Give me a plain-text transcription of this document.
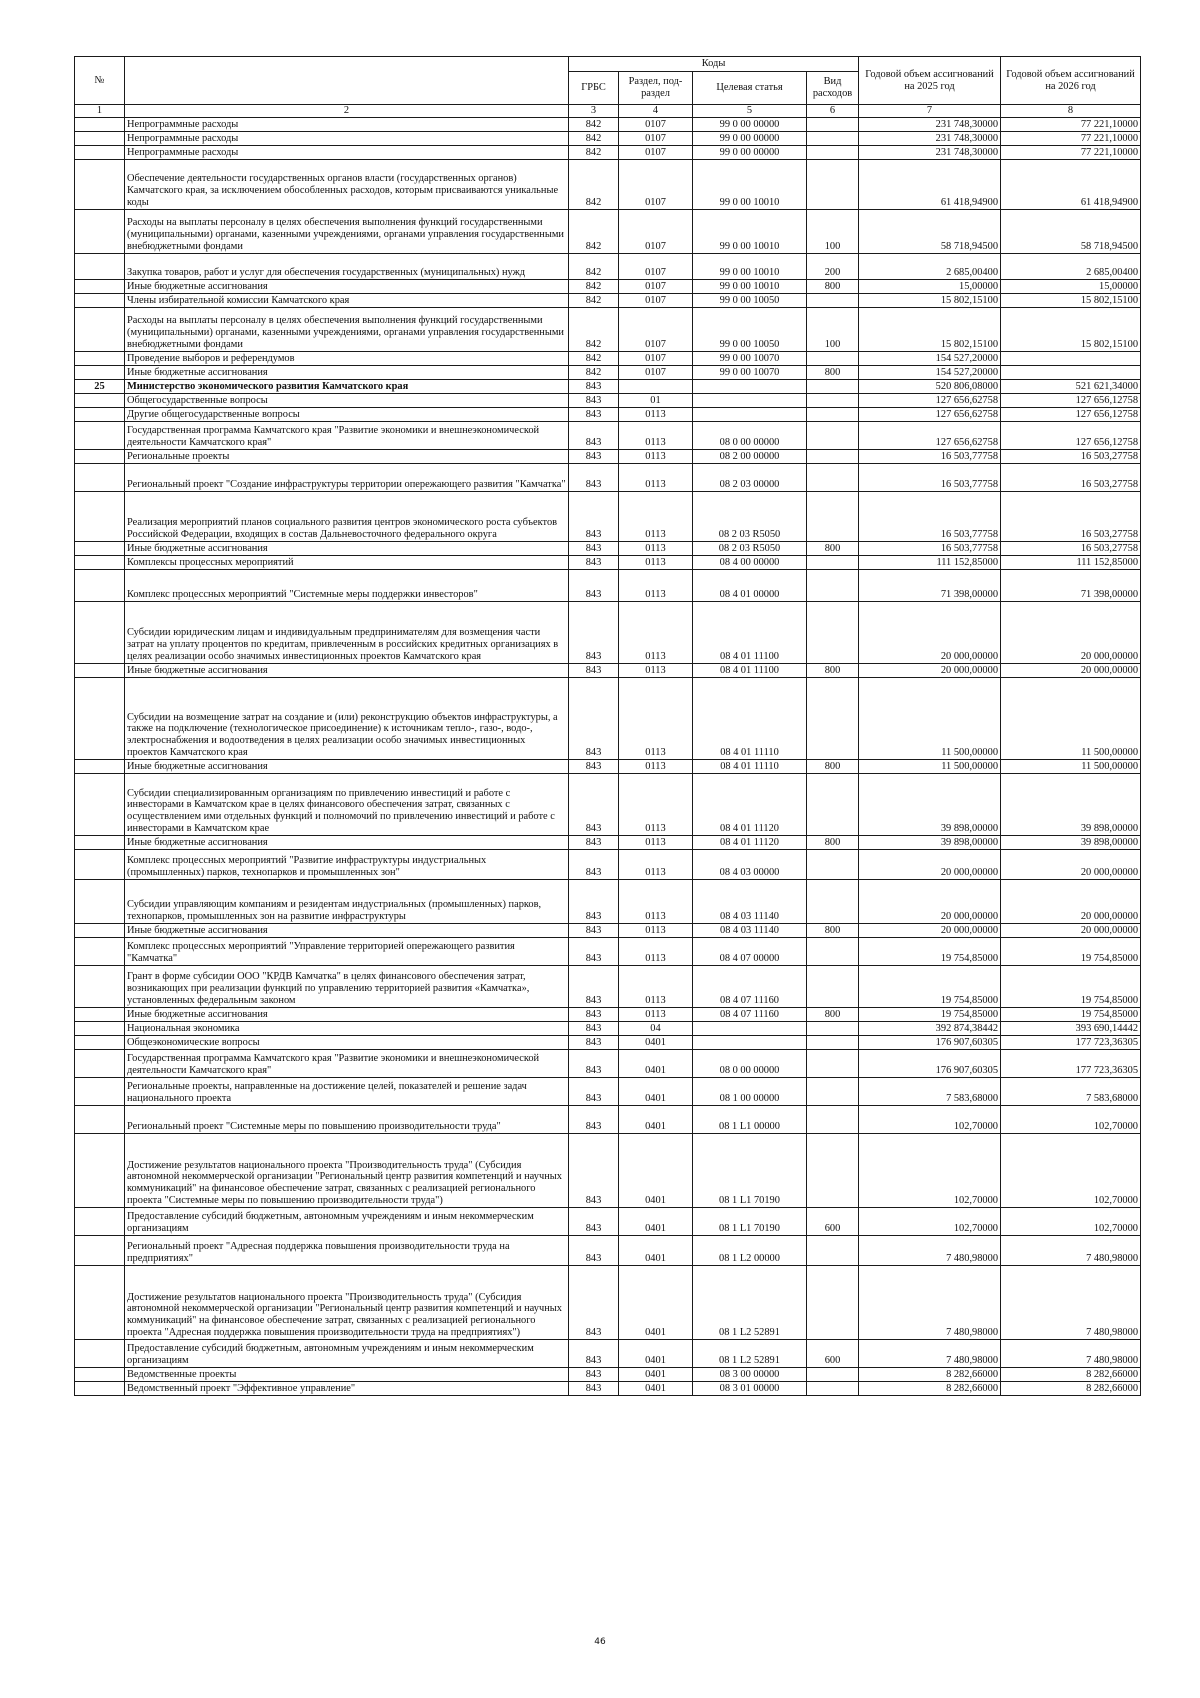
№		Коды				Годовой объем ассигнований на 2025 год	Годовой объем ассигнований на 2026 год
		ГРБС	Раздел, под-раздел	Целевая статья	Вид расходов		
1	2	3	4	5	6	7	8
	Непрограммные расходы	842	0107	99 0 00 00000		231 748,30000	77 221,10000
	Непрограммные расходы	842	0107	99 0 00 00000		231 748,30000	77 221,10000
	Непрограммные расходы	842	0107	99 0 00 00000		231 748,30000	77 221,10000
	Обеспечение деятельности государственных органов власти (государственных органов) Камчатского края, за исключением обособленных расходов, которым присваиваются уникальные коды	842	0107	99 0 00 10010		61 418,94900	61 418,94900
	Расходы на выплаты персоналу в целях обеспечения выполнения функций государственными (муниципальными) органами, казенными учреждениями, органами управления государственными внебюджетными фондами	842	0107	99 0 00 10010	100	58 718,94500	58 718,94500
	Закупка товаров, работ и услуг для обеспечения государственных (муниципальных) нужд	842	0107	99 0 00 10010	200	2 685,00400	2 685,00400
	Иные бюджетные ассигнования	842	0107	99 0 00 10010	800	15,00000	15,00000
	Члены избирательной комиссии Камчатского края	842	0107	99 0 00 10050		15 802,15100	15 802,15100
	Расходы на выплаты персоналу в целях обеспечения выполнения функций государственными (муниципальными) органами, казенными учреждениями, органами управления государственными внебюджетными фондами	842	0107	99 0 00 10050	100	15 802,15100	15 802,15100
	Проведение выборов и референдумов	842	0107	99 0 00 10070		154 527,20000	
	Иные бюджетные ассигнования	842	0107	99 0 00 10070	800	154 527,20000	
25	Министерство экономического развития Камчатского края	843				520 806,08000	521 621,34000
	Общегосударственные вопросы	843	01			127 656,62758	127 656,12758
	Другие общегосударственные вопросы	843	0113			127 656,62758	127 656,12758
	Государственная программа Камчатского края "Развитие экономики и внешнеэкономической деятельности Камчатского края"	843	0113	08 0 00 00000		127 656,62758	127 656,12758
	Региональные проекты	843	0113	08 2 00 00000		16 503,77758	16 503,27758
	Региональный проект "Создание инфраструктуры территории опережающего развития "Камчатка"	843	0113	08 2 03 00000		16 503,77758	16 503,27758
	Реализация мероприятий планов социального развития центров экономического роста субъектов Российской Федерации, входящих в состав Дальневосточного федерального округа	843	0113	08 2 03 R5050		16 503,77758	16 503,27758
	Иные бюджетные ассигнования	843	0113	08 2 03 R5050	800	16 503,77758	16 503,27758
	Комплексы процессных мероприятий	843	0113	08 4 00 00000		111 152,85000	111 152,85000
	Комплекс процессных мероприятий "Системные меры поддержки инвесторов"	843	0113	08 4 01 00000		71 398,00000	71 398,00000
	Субсидии юридическим лицам и индивидуальным предпринимателям для возмещения части затрат на уплату процентов по кредитам, привлеченным в российских кредитных организациях в целях реализации особо значимых инвестиционных проектов Камчатского края	843	0113	08 4 01 11100		20 000,00000	20 000,00000
	Иные бюджетные ассигнования	843	0113	08 4 01 11100	800	20 000,00000	20 000,00000
	Субсидии на возмещение затрат на создание и (или) реконструкцию объектов инфраструктуры, а также на подключение (технологическое присоединение) к источникам тепло-, газо-, водо-, электроснабжения и водоотведения в целях реализации особо значимых инвестиционных проектов Камчатского края	843	0113	08 4 01 11110		11 500,00000	11 500,00000
	Иные бюджетные ассигнования	843	0113	08 4 01 11110	800	11 500,00000	11 500,00000
	Субсидии специализированным организациям по привлечению инвестиций и работе с инвесторами в Камчатском крае в целях финансового обеспечения затрат, связанных с осуществлением ими отдельных функций и полномочий по привлечению инвестиций и работе с инвесторами в Камчатском крае	843	0113	08 4 01 11120		39 898,00000	39 898,00000
	Иные бюджетные ассигнования	843	0113	08 4 01 11120	800	39 898,00000	39 898,00000
	Комплекс процессных мероприятий "Развитие инфраструктуры индустриальных (промышленных) парков, технопарков и промышленных зон"	843	0113	08 4 03 00000		20 000,00000	20 000,00000
	Субсидии управляющим компаниям и резидентам индустриальных (промышленных) парков, технопарков, промышленных зон на развитие инфраструктуры	843	0113	08 4 03 11140		20 000,00000	20 000,00000
	Иные бюджетные ассигнования	843	0113	08 4 03 11140	800	20 000,00000	20 000,00000
	Комплекс процессных мероприятий "Управление территорией опережающего развития "Камчатка"	843	0113	08 4 07 00000		19 754,85000	19 754,85000
	Грант в форме субсидии ООО "КРДВ Камчатка" в целях финансового обеспечения затрат, возникающих при реализации функций по управлению территорией развития «Камчатка», установленных федеральным законом	843	0113	08 4 07 11160		19 754,85000	19 754,85000
	Иные бюджетные ассигнования	843	0113	08 4 07 11160	800	19 754,85000	19 754,85000
	Национальная экономика	843	04			392 874,38442	393 690,14442
	Общеэкономические вопросы	843	0401			176 907,60305	177 723,36305
	Государственная программа Камчатского края "Развитие экономики и внешнеэкономической деятельности Камчатского края"	843	0401	08 0 00 00000		176 907,60305	177 723,36305
	Региональные проекты, направленные на достижение целей, показателей и решение задач национального проекта	843	0401	08 1 00 00000		7 583,68000	7 583,68000
	Региональный проект "Системные меры по повышению производительности труда"	843	0401	08 1 L1 00000		102,70000	102,70000
	Достижение результатов национального проекта "Производительность труда" (Субсидия автономной некоммерческой организации "Региональный центр развития компетенций и научных коммуникаций" на финансовое обеспечение затрат, связанных с реализацией регионального проекта "Системные меры по повышению производительности труда")	843	0401	08 1 L1 70190		102,70000	102,70000
	Предоставление субсидий бюджетным, автономным учреждениям и иным некоммерческим организациям	843	0401	08 1 L1 70190	600	102,70000	102,70000
	Региональный проект "Адресная поддержка повышения производительности труда на предприятиях"	843	0401	08 1 L2 00000		7 480,98000	7 480,98000
	Достижение результатов национального проекта "Производительность труда" (Субсидия автономной некоммерческой организации "Региональный центр развития компетенций и научных коммуникаций" на финансовое обеспечение затрат, связанных с реализацией регионального проекта "Адресная поддержка повышения производительности труда на предприятиях")	843	0401	08 1 L2 52891		7 480,98000	7 480,98000
	Предоставление субсидий бюджетным, автономным учреждениям и иным некоммерческим организациям	843	0401	08 1 L2 52891	600	7 480,98000	7 480,98000
	Ведомственные проекты	843	0401	08 3 00 00000		8 282,66000	8 282,66000
	Ведомственный проект "Эффективное управление"	843	0401	08 3 01 00000		8 282,66000	8 282,66000
46
